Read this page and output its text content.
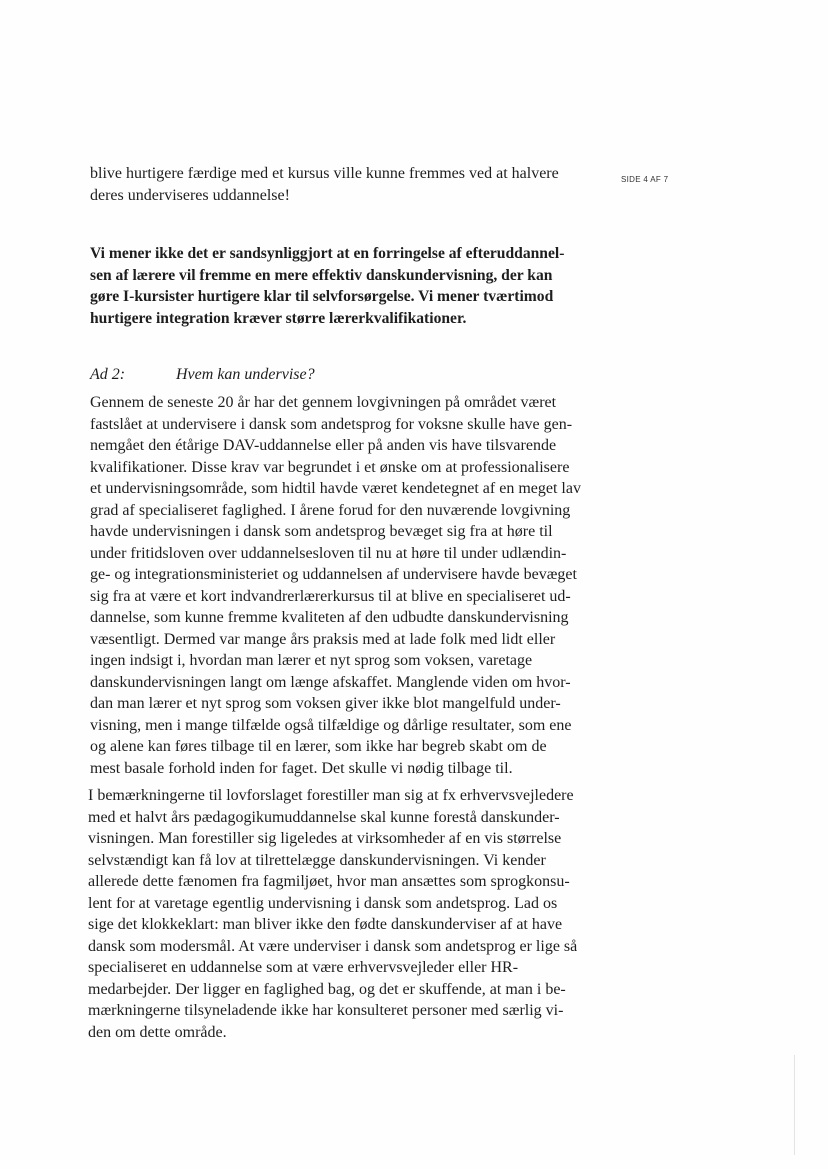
SIDE 4 AF 7
blive hurtigere færdige med et kursus ville kunne fremmes ved at halvere
deres underviseres uddannelse!
Vi mener ikke det er sandsynliggjort at en forringelse af efteruddannel-
sen af lærere vil fremme en mere effektiv danskundervisning, der kan
gøre I-kursister hurtigere klar til selvforsørgelse. Vi mener tværtimod
hurtigere integration kræver større lærerkvalifikationer.
Ad 2:	Hvem kan undervise?
Gennem de seneste 20 år har det gennem lovgivningen på området været
fastslået at undervisere i dansk som andetsprog for voksne skulle have gen-
nemgået den étårige DAV-uddannelse eller på anden vis have tilsvarende
kvalifikationer. Disse krav var begrundet i et ønske om at professionalisere
et undervisningsområde, som hidtil havde været kendetegnet af en meget lav
grad af specialiseret faglighed. I årene forud for den nuværende lovgivning
havde undervisningen i dansk som andetsprog bevæget sig fra at høre til
under fritidsloven over uddannelsesloven til nu at høre til under udlændin-
ge- og integrationsministeriet og uddannelsen af undervisere havde bevæget
sig fra at være et kort indvandrerlærerkursus til at blive en specialiseret ud-
dannelse, som kunne fremme kvaliteten af den udbudte danskundervisning
væsentligt. Dermed var mange års praksis med at lade folk med lidt eller
ingen indsigt i, hvordan man lærer et nyt sprog som voksen, varetage
danskundervisningen langt om længe afskaffet. Manglende viden om hvor-
dan man lærer et nyt sprog som voksen giver ikke blot mangelfuld under-
visning, men i mange tilfælde også tilfældige og dårlige resultater, som ene
og alene kan føres tilbage til en lærer, som ikke har begreb skabt om de
mest basale forhold inden for faget. Det skulle vi nødig tilbage til.
I bemærkningerne til lovforslaget forestiller man sig at fx erhvervsvejledere
med et halvt års pædagogikumuddannelse skal kunne forestå danskunder-
visningen. Man forestiller sig ligeledes at virksomheder af en vis størrelse
selvstændigt kan få lov at tilrettelægge danskundervisningen. Vi kender
allerede dette fænomen fra fagmiljøet, hvor man ansættes som sprogkonsu-
lent for at varetage egentlig undervisning i dansk som andetsprog. Lad os
sige det klokkeklart: man bliver ikke den fødte danskunderviser af at have
dansk som modersmål. At være underviser i dansk som andetsprog er lige så
specialiseret en uddannelse som at være erhvervsvejleder eller HR-
medarbejder. Der ligger en faglighed bag, og det er skuffende, at man i be-
mærkningerne tilsyneladende ikke har konsulteret personer med særlig vi-
den om dette område.
